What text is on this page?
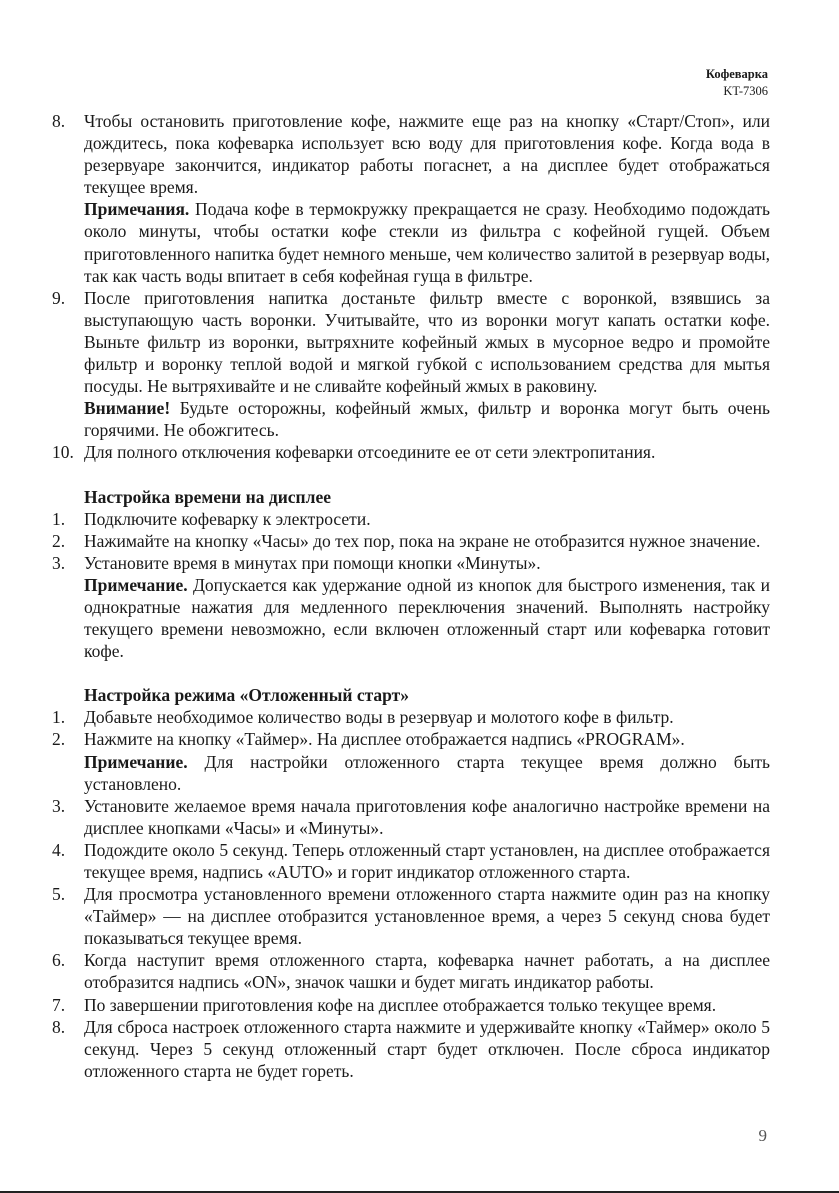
Кофеварка
KT-7306
8. Чтобы остановить приготовление кофе, нажмите еще раз на кнопку «Старт/Стоп», или дождитесь, пока кофеварка использует всю воду для приготовления кофе. Когда вода в резервуаре закончится, индикатор работы погаснет, а на дисплее будет отображаться текущее время.
Примечания. Подача кофе в термокружку прекращается не сразу. Необходимо подождать около минуты, чтобы остатки кофе стекли из фильтра с кофейной гущей. Объем приготовленного напитка будет немного меньше, чем количество залитой в резервуар воды, так как часть воды впитает в себя кофейная гуща в фильтре.
9. После приготовления напитка достаньте фильтр вместе с воронкой, взявшись за выступающую часть воронки. Учитывайте, что из воронки могут капать остатки кофе. Выньте фильтр из воронки, вытряхните кофейный жмых в мусорное ведро и промойте фильтр и воронку теплой водой и мягкой губкой с использованием средства для мытья посуды. Не вытряхивайте и не сливайте кофейный жмых в раковину.
Внимание! Будьте осторожны, кофейный жмых, фильтр и воронка могут быть очень горячими. Не обожгитесь.
10. Для полного отключения кофеварки отсоедините ее от сети электропитания.
Настройка времени на дисплее
1. Подключите кофеварку к электросети.
2. Нажимайте на кнопку «Часы» до тех пор, пока на экране не отобразится нужное значение.
3. Установите время в минутах при помощи кнопки «Минуты».
Примечание. Допускается как удержание одной из кнопок для быстрого изменения, так и однократные нажатия для медленного переключения значений. Выполнять настройку текущего времени невозможно, если включен отложенный старт или кофеварка готовит кофе.
Настройка режима «Отложенный старт»
1. Добавьте необходимое количество воды в резервуар и молотого кофе в фильтр.
2. Нажмите на кнопку «Таймер». На дисплее отображается надпись «PROGRAM».
Примечание. Для настройки отложенного старта текущее время должно быть установлено.
3. Установите желаемое время начала приготовления кофе аналогично настройке времени на дисплее кнопками «Часы» и «Минуты».
4. Подождите около 5 секунд. Теперь отложенный старт установлен, на дисплее отображается текущее время, надпись «AUTO» и горит индикатор отложенного старта.
5. Для просмотра установленного времени отложенного старта нажмите один раз на кнопку «Таймер» — на дисплее отобразится установленное время, а через 5 секунд снова будет показываться текущее время.
6. Когда наступит время отложенного старта, кофеварка начнет работать, а на дисплее отобразится надпись «ON», значок чашки и будет мигать индикатор работы.
7. По завершении приготовления кофе на дисплее отображается только текущее время.
8. Для сброса настроек отложенного старта нажмите и удерживайте кнопку «Таймер» около 5 секунд. Через 5 секунд отложенный старт будет отключен. После сброса индикатор отложенного старта не будет гореть.
9
